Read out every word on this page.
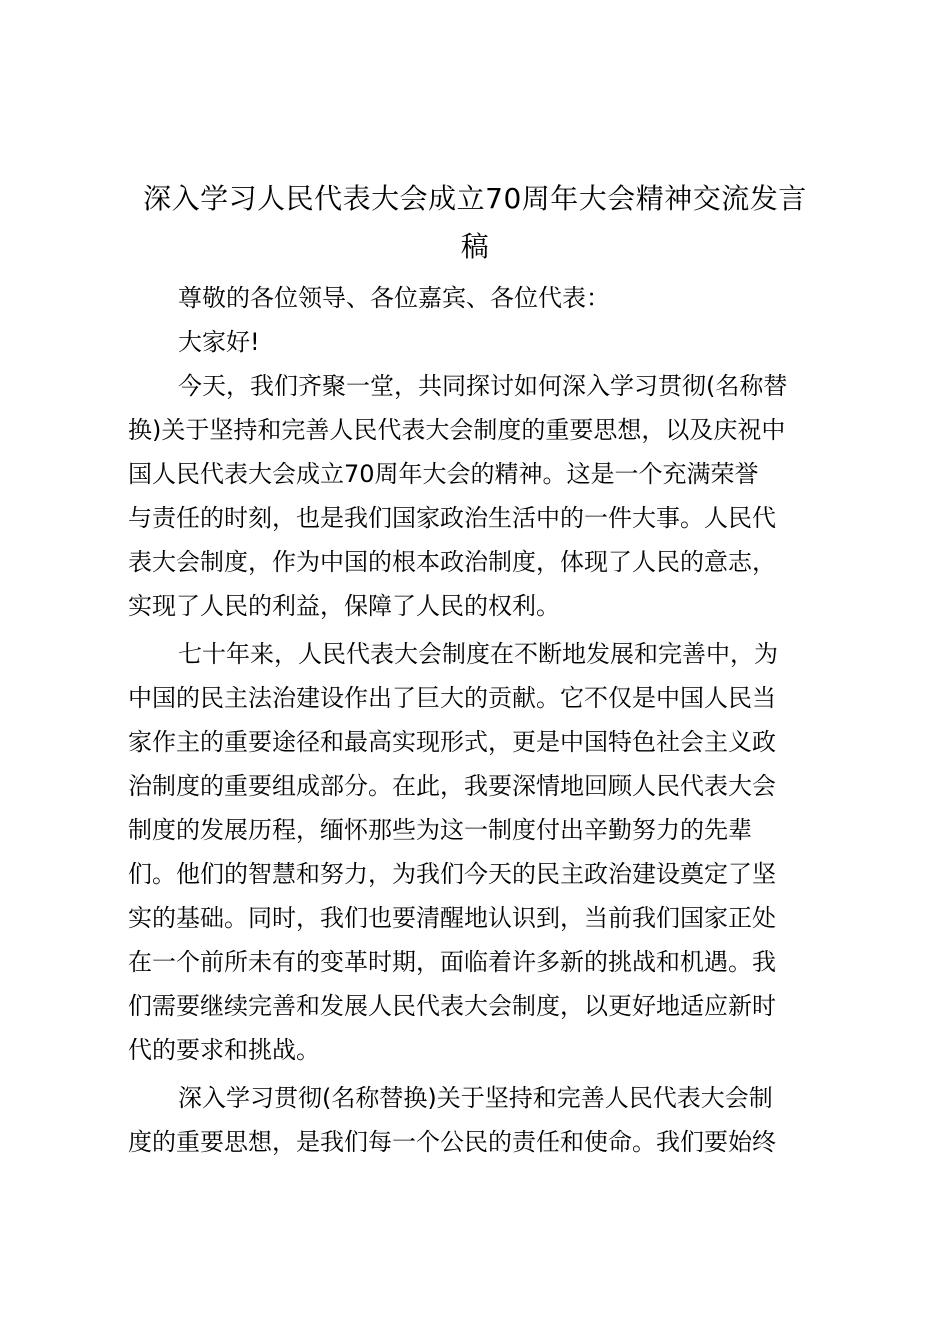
深入学习人民代表大会成立70周年大会精神交流发言
稿

尊敬的各位领导、各位嘉宾、各位代表：

大家好!

今天，我们齐聚一堂，共同探讨如何深入学习贯彻(名称替

换)关于坚持和完善人民代表大会制度的重要思想，以及庆祝中

国人民代表大会成立70周年大会的精神。这是一个充满荣誉

与责任的时刻，也是我们国家政治生活中的一件大事。人民代

表大会制度，作为中国的根本政治制度，体现了人民的意志，

实现了人民的利益，保障了人民的权利。

七十年来，人民代表大会制度在不断地发展和完善中，为

中国的民主法治建设作出了巨大的贡献。它不仅是中国人民当

家作主的重要途径和最高实现形式，更是中国特色社会主义政

治制度的重要组成部分。在此，我要深情地回顾人民代表大会

制度的发展历程，缅怀那些为这一制度付出辛勤努力的先辈

们。他们的智慧和努力，为我们今天的民主政治建设奠定了坚

实的基础。同时，我们也要清醒地认识到，当前我们国家正处

在一个前所未有的变革时期，面临着许多新的挑战和机遇。我

们需要继续完善和发展人民代表大会制度，以更好地适应新时

代的要求和挑战。

深入学习贯彻(名称替换)关于坚持和完善人民代表大会制

度的重要思想，是我们每一个公民的责任和使命。我们要始终
